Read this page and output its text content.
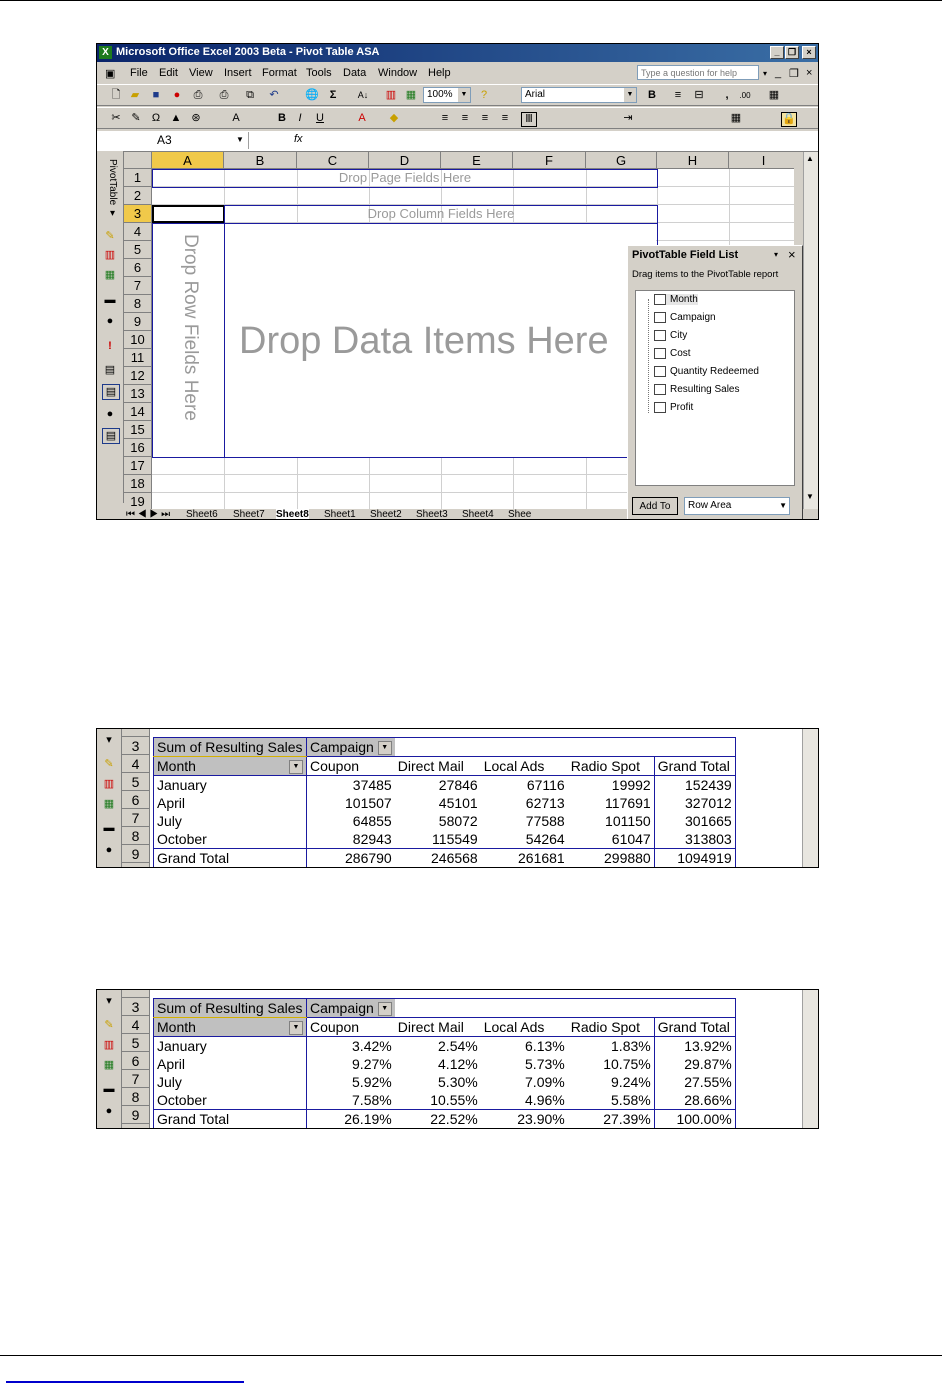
X Microsoft Office Excel 2003 Beta - Pivot Table ASA	_ ❐	×
▣ File Edit View Insert Format Tools Data Window Help	Type a question for help	▾ _ ❐ ×
🗋 ▰	■	●	⎙ ⎙ ⧉ ↶ 🌐 Σ	A↓ ▥ ▦	100%	▼	?	Arial	▼ B	≡	⊟	,	.00 ▦
✂ ✎ Ω ▲ ⊛	A	B	I	U	A	◆	≡	≡	≡	≡	Ⅲ	⇥	▦	🔒
A3	▼	fx
PivotTable ▾
✎
▥
▦
▬
●
!
▤
▤
●
▤
A	B	C	D	E	F	G	H	I
1
2
3
4
5
6
7
8
9
10
11
12
13
14
15
16
17
18
19
Drop Page Fields Here
Drop Column Fields Here
Drop Row Fields Here Drop Data Items Here
▲
▼
⏮ ◀ ▶ ⏭ Sheet6 Sheet7 Sheet8 Sheet1 Sheet2 Sheet3 Sheet4 Shee
PivotTable Field List	▾ ×
Drag items to the PivotTable report
Month
Campaign
City
Cost
Quantity Redeemed
Resulting Sales
Profit
Add To	Row Area	▼
▾
✎
▥
▦
▬
●
3
4
5
6
7
8
9
Sum of Resulting Sales	Campaign ▼				
Month ▼	Coupon	Direct Mail	Local Ads	Radio Spot	Grand Total
January	37485	27846	67116	19992	152439
April	101507	45101	62713	117691	327012
July	64855	58072	77588	101150	301665
October	82943	115549	54264	61047	313803
Grand Total	286790	246568	261681	299880	1094919
▾
✎
▥
▦
▬
●
3
4
5
6
7
8
9
Sum of Resulting Sales	Campaign ▼				
Month ▼	Coupon	Direct Mail	Local Ads	Radio Spot	Grand Total
January	3.42%	2.54%	6.13%	1.83%	13.92%
April	9.27%	4.12%	5.73%	10.75%	29.87%
July	5.92%	5.30%	7.09%	9.24%	27.55%
October	7.58%	10.55%	4.96%	5.58%	28.66%
Grand Total	26.19%	22.52%	23.90%	27.39%	100.00%
